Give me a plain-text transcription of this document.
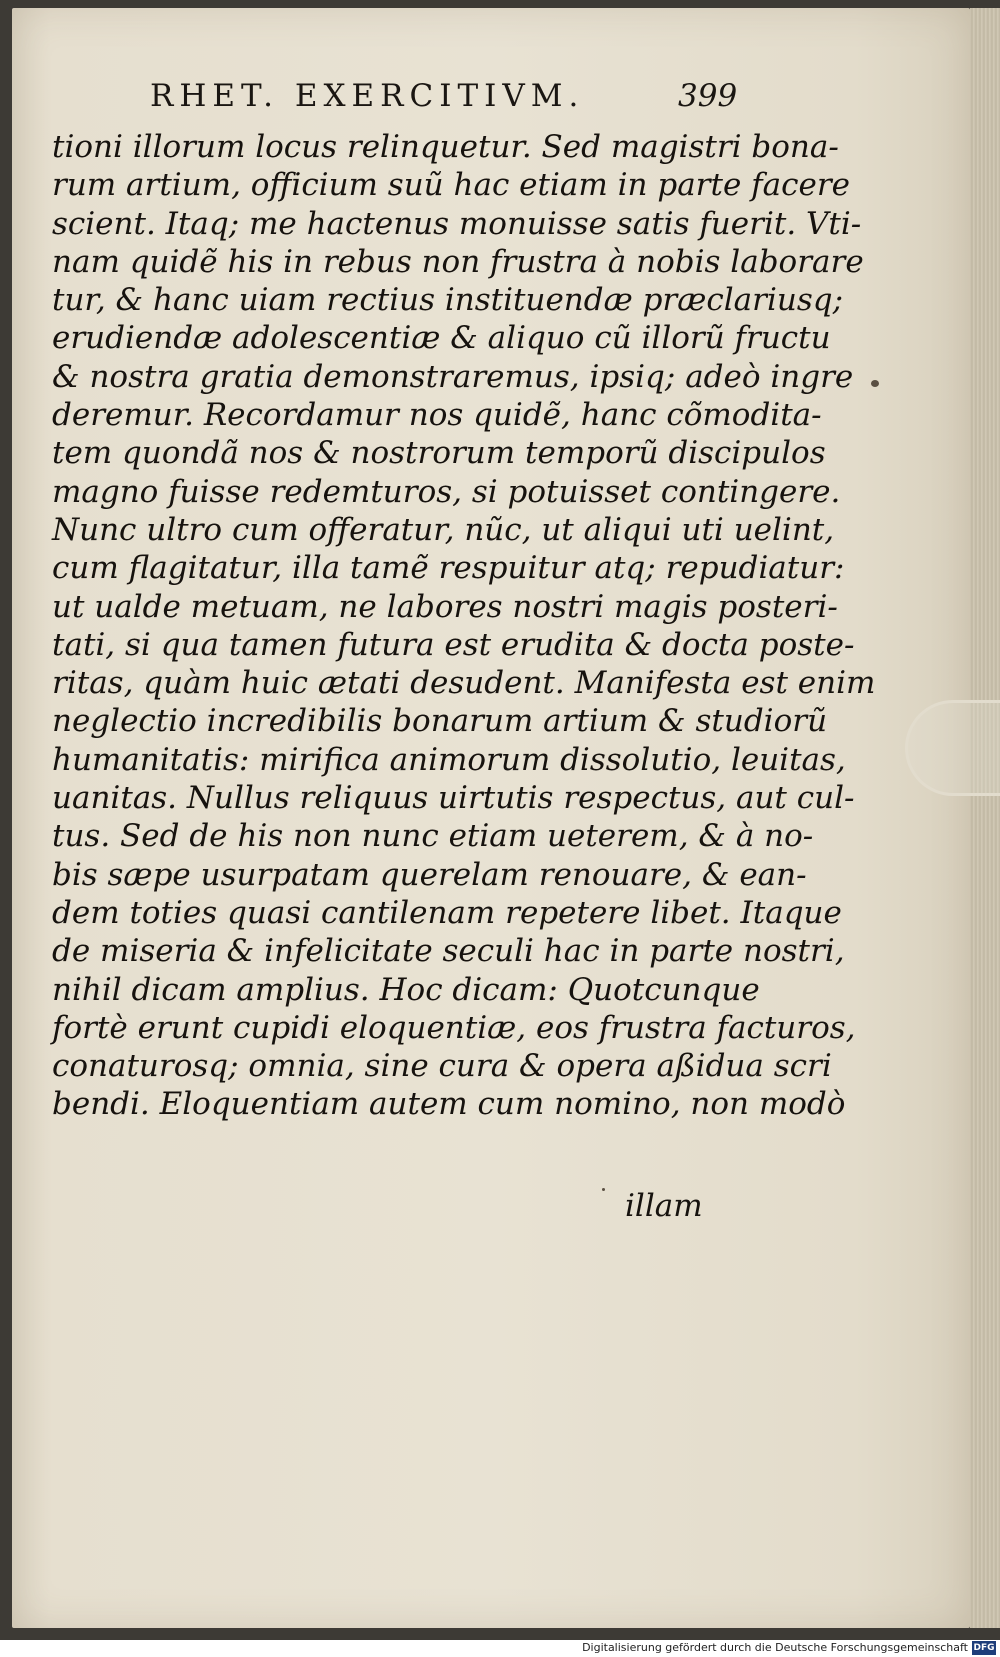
RHET. EXERCITIVM.	399
tioni illorum locus relinquetur. Sed magistri bona-
rum artium, officium suũ hac etiam in parte facere
scient. Itaq; me hactenus monuisse satis fuerit. Vti-
nam quidẽ his in rebus non frustra à nobis laborare
tur, & hanc uiam rectius instituendæ præclariusq;
erudiendæ adolescentiæ & aliquo cũ illorũ fructu
& nostra gratia demonstraremus, ipsiq; adeò ingre
deremur. Recordamur nos quidẽ, hanc cõmodita-
tem quondã nos & nostrorum temporũ discipulos
magno fuisse redemturos, si potuisset contingere.
Nunc ultro cum offeratur, nũc, ut aliqui uti uelint,
cum flagitatur, illa tamẽ respuitur atq; repudiatur:
ut ualde metuam, ne labores nostri magis posteri-
tati, si qua tamen futura est erudita & docta poste-
ritas, quàm huic ætati desudent. Manifesta est enim
neglectio incredibilis bonarum artium & studiorũ
humanitatis: mirifica animorum dissolutio, leuitas,
uanitas. Nullus reliquus uirtutis respectus, aut cul-
tus. Sed de his non nunc etiam ueterem, & à no-
bis sæpe usurpatam querelam renouare, & ean-
dem toties quasi cantilenam repetere libet. Itaque
de miseria & infelicitate seculi hac in parte nostri,
nihil dicam amplius. Hoc dicam: Quotcunque
fortè erunt cupidi eloquentiæ, eos frustra facturos,
conaturosq; omnia, sine cura & opera aßidua scri
bendi. Eloquentiam autem cum nomino, non modò
illam
Digitalisierung gefördert durch die Deutsche Forschungsgemeinschaft DFG
